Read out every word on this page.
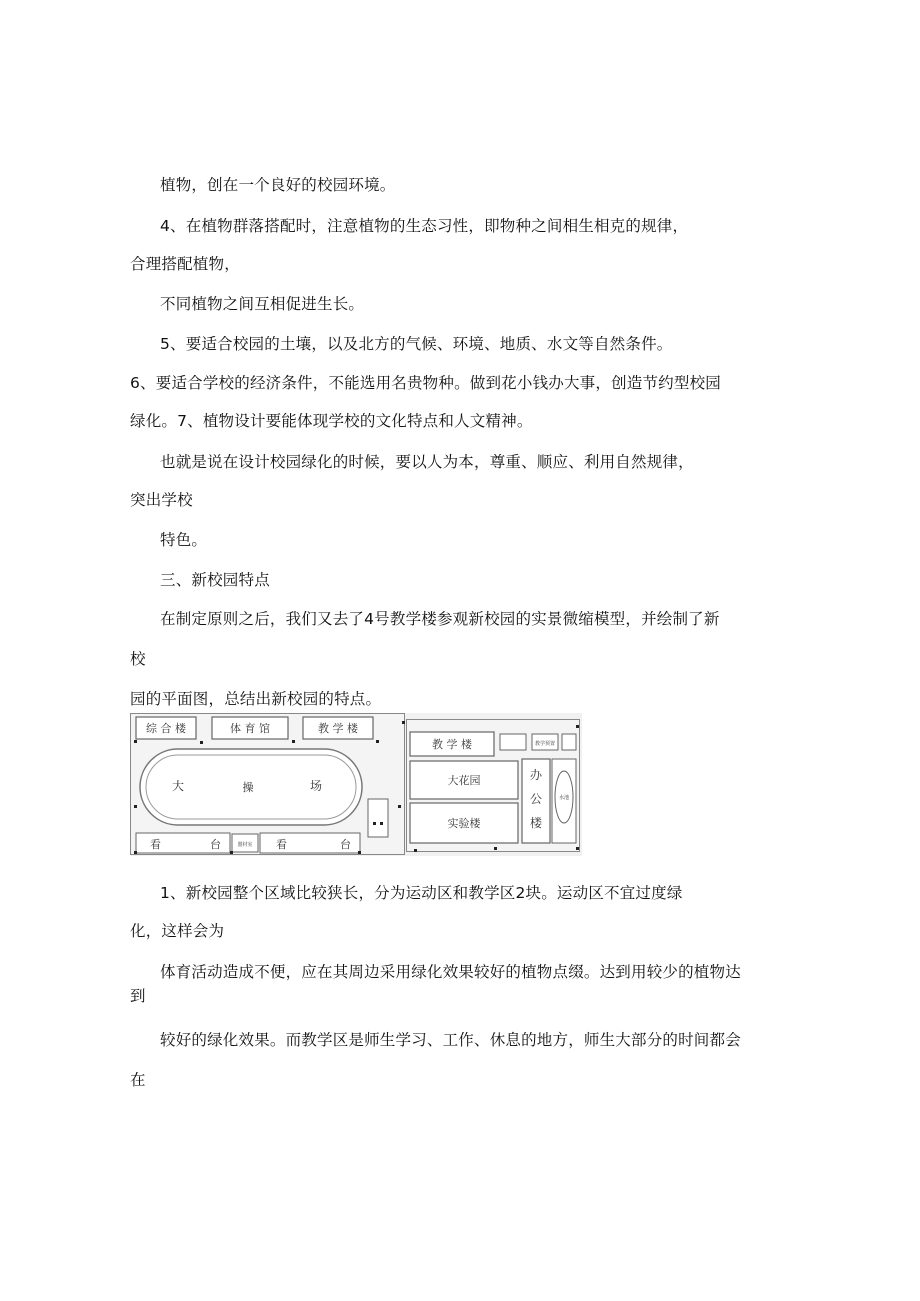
植物，创在一个良好的校园环境。
4、在植物群落搭配时，注意植物的生态习性，即物种之间相生相克的规律，
合理搭配植物，
不同植物之间互相促进生长。
5、要适合校园的土壤，以及北方的气候、环境、地质、水文等自然条件。
6、要适合学校的经济条件，不能选用名贵物种。做到花小钱办大事，创造节约型校园
绿化。7、植物设计要能体现学校的文化特点和人文精神。
也就是说在设计校园绿化的时候，要以人为本，尊重、顺应、利用自然规律，
突出学校
特色。
三、新校园特点
在制定原则之后，我们又去了4号教学楼参观新校园的实景微缩模型，并绘制了新
校
园的平面图，总结出新校园的特点。
综 合 楼	体 育 馆	教 学 楼
大	操	场
看	台	器材室 看	台
教 学 楼	教学预置
大花园
实验楼
办
公
楼
水池
1、新校园整个区域比较狭长，分为运动区和教学区2块。运动区不宜过度绿
化，这样会为
体育活动造成不便，应在其周边采用绿化效果较好的植物点缀。达到用较少的植物达
到
较好的绿化效果。而教学区是师生学习、工作、休息的地方，师生大部分的时间都会
在
